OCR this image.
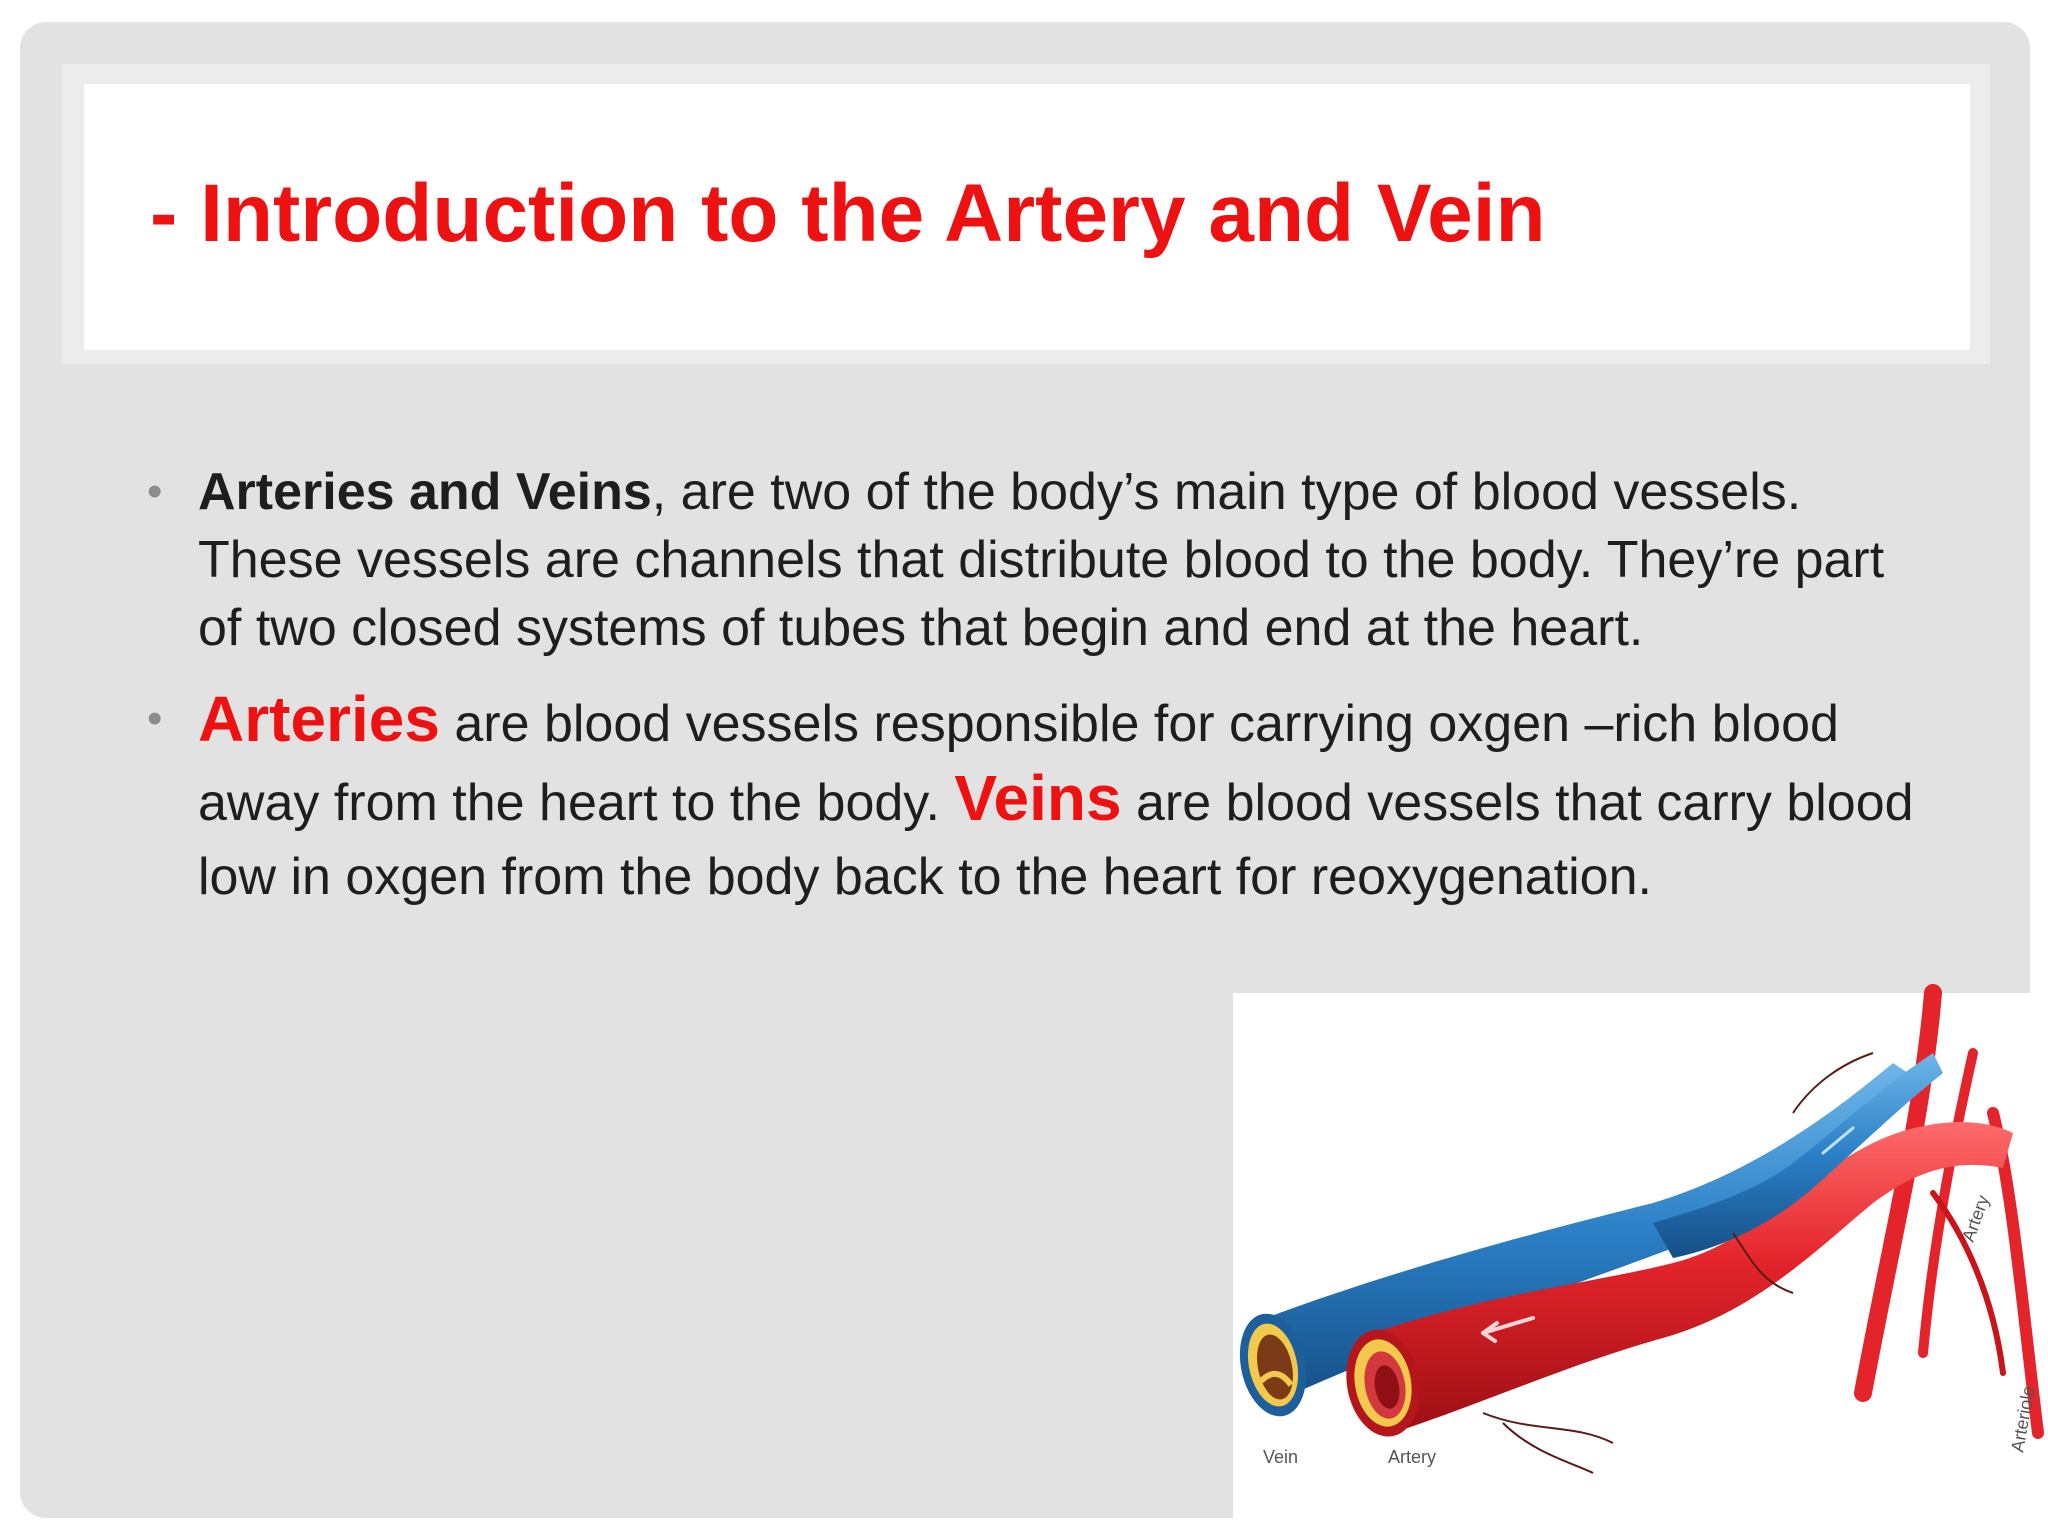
- Introduction to the Artery and Vein
• Arteries and Veins, are two of the body’s main type of blood vessels. These vessels are channels that distribute blood to the body. They’re part of two closed systems of tubes that begin and end at the heart.
• Arteries are blood vessels responsible for carrying oxgen –rich blood away from the heart to the body. Veins are blood vessels that carry blood low in oxgen from the body back to the heart for reoxygenation.
Vein	Artery
Artery
Arteriole
